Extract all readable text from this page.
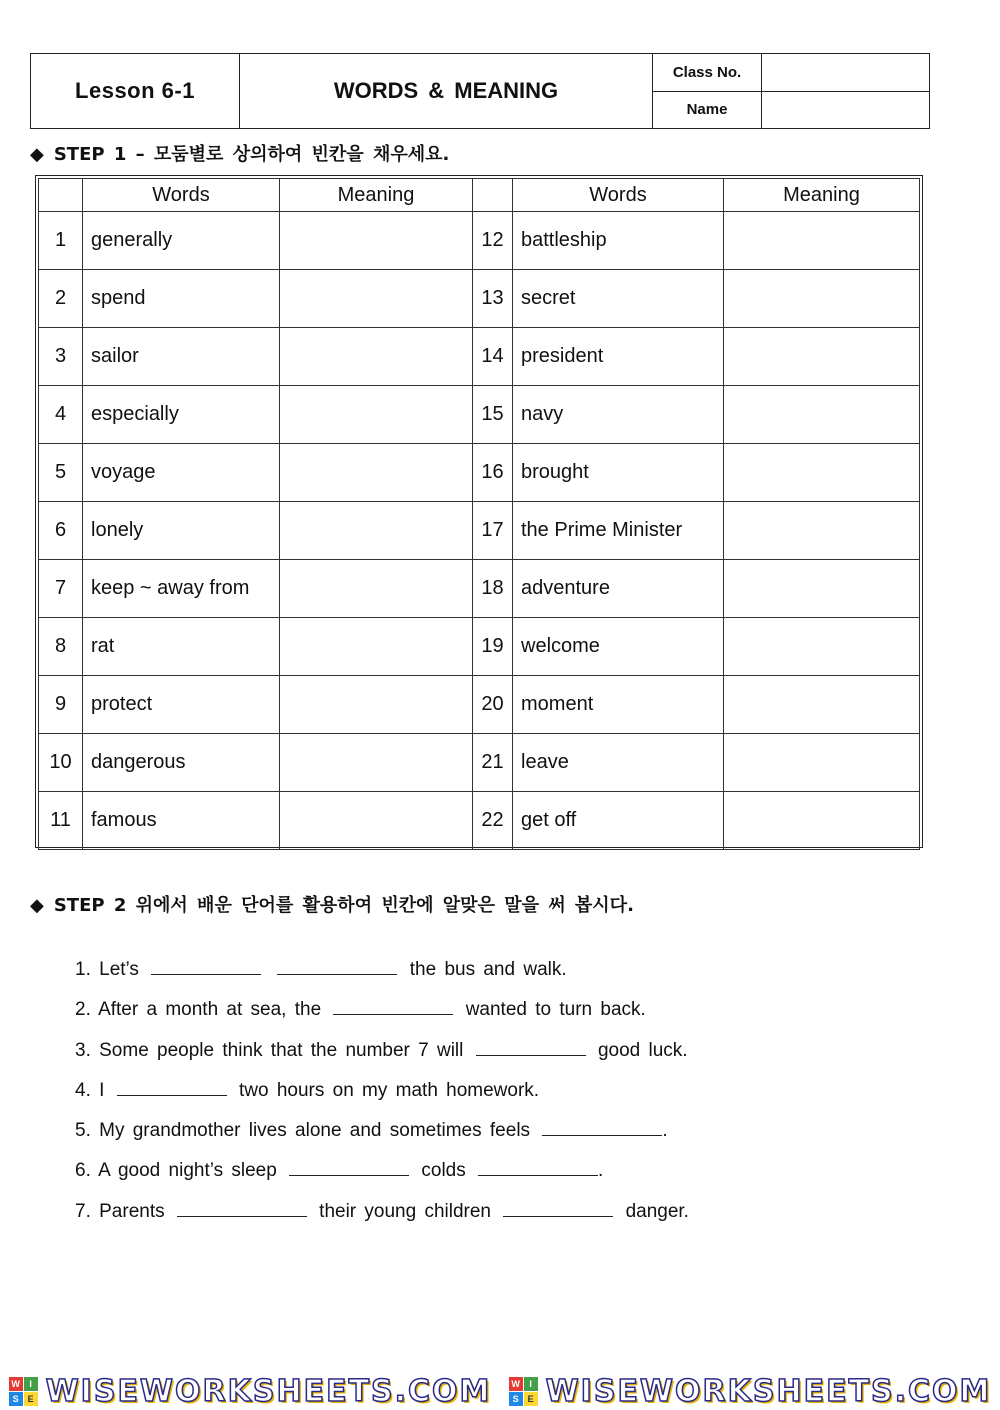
Lesson 6-1	WORDS & MEANING
Class No.
Name
◆ STEP 1 – 모둠별로 상의하여 빈칸을 채우세요.
	Words	Meaning		Words	Meaning
1	generally		12	battleship	
2	spend		13	secret	
3	sailor		14	president	
4	especially		15	navy	
5	voyage		16	brought	
6	lonely		17	the Prime Minister	
7	keep ~ away from		18	adventure	
8	rat		19	welcome	
9	protect		20	moment	
10	dangerous		21	leave	
11	famous		22	get off	
◆ STEP 2 위에서 배운 단어를 활용하여 빈칸에 알맞은 말을 써 봅시다.
1. Let’s	the bus and walk.
2. After a month at sea, the	wanted to turn back.
3. Some people think that the number 7 will	good luck.
4. I	two hours on my math homework.
5. My grandmother lives alone and sometimes feels	.
6. A good night’s sleep	colds	.
7. Parents	their young children	danger.
W	I
S E WISEWORKSHEETS.COM	W	I
S E WISEWORKSHEETS.COM
